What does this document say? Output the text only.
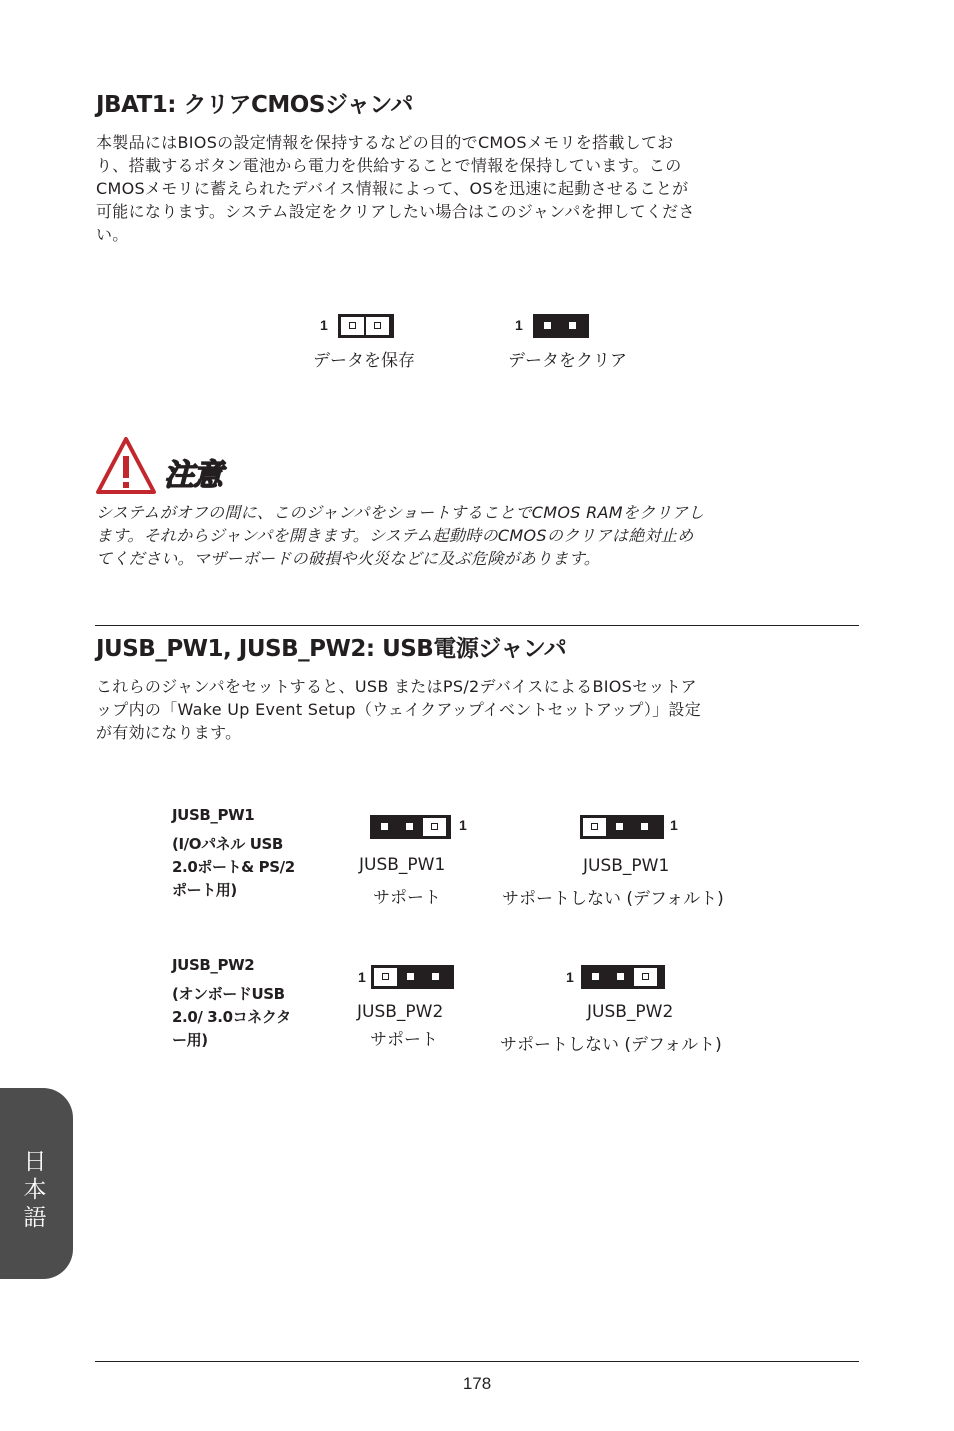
JBAT1: クリアCMOSジャンパ
本製品にはBIOSの設定情報を保持するなどの目的でCMOSメモリを搭載してお
り、搭載するボタン電池から電力を供給することで情報を保持しています。この
CMOSメモリに蓄えられたデバイス情報によって、OSを迅速に起動させることが
可能になります。システム設定をクリアしたい場合はこのジャンパを押してくださ
い。
1
データを保存
1
データをクリア
注意
システムがオフの間に、このジャンパをショートすることでCMOS RAMをクリアし
ます。それからジャンパを開きます。システム起動時のCMOSのクリアは絶対止め
てください。マザーボードの破損や火災などに及ぶ危険があります。
JUSB_PW1, JUSB_PW2: USB電源ジャンパ
これらのジャンパをセットすると、USB またはPS/2デバイスによるBIOSセットア
ップ内の「Wake Up Event Setup（ウェイクアップイベントセットアップ）」設定
が有効になります。
JUSB_PW1
(I/Oパネル USB
2.0ポート& PS/2
ポート用)
1
JUSB_PW1
サポート
1
JUSB_PW1
サポートしない (デフォルト)
JUSB_PW2
(オンボードUSB
2.0/ 3.0コネクタ
ー用)
1
JUSB_PW2
サポート
1
JUSB_PW2
サポートしない (デフォルト)
日
本
語
178
